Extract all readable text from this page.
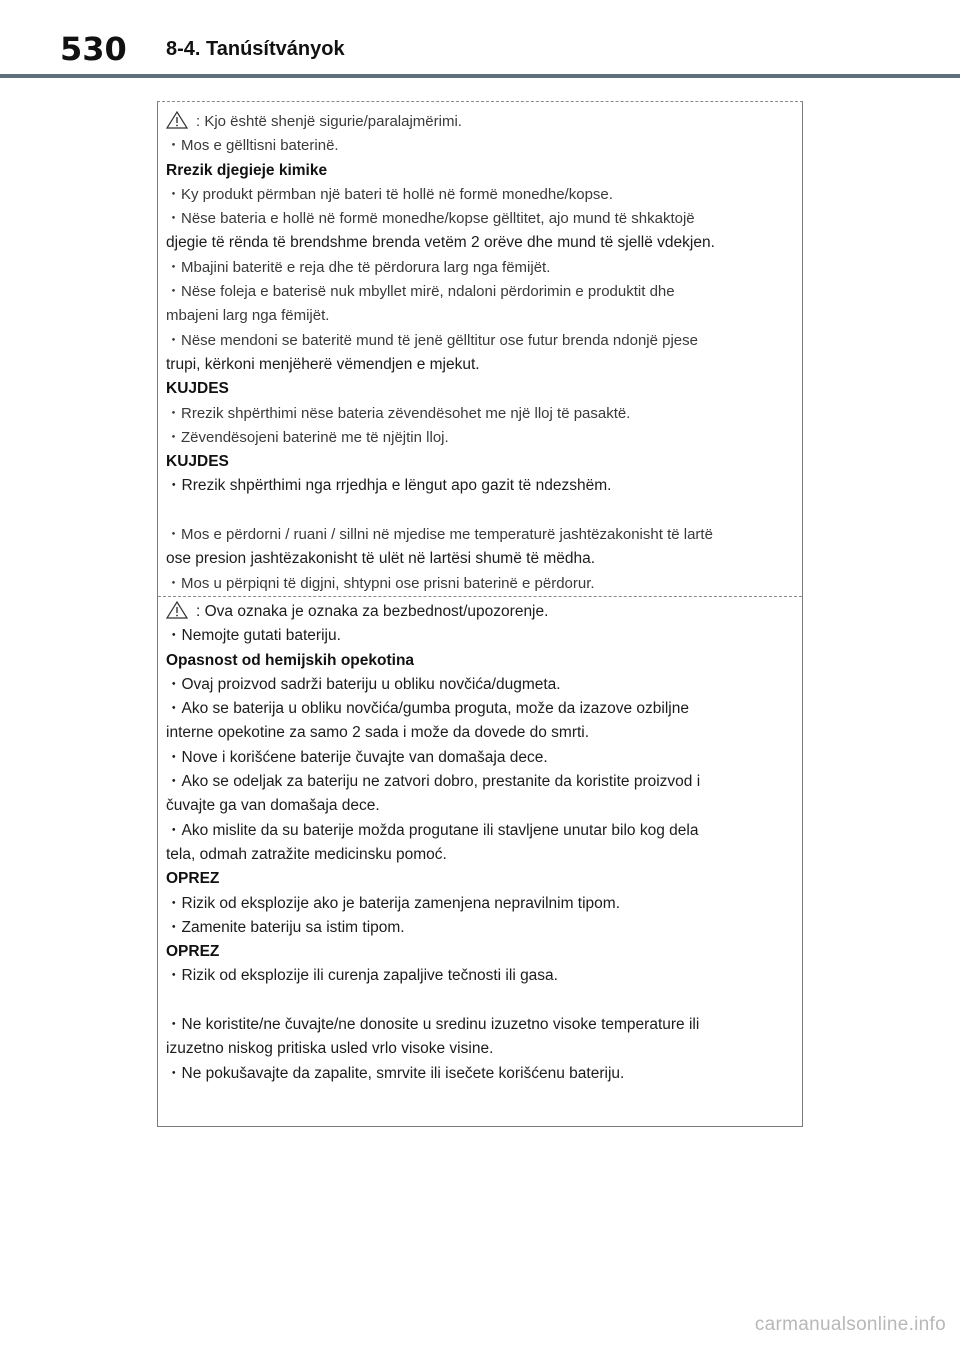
530 8-4. Tanúsítványok
: Kjo është shenjë sigurie/paralajmërimi.
・Mos e gëlltisni baterinë.
Rrezik djegieje kimike
・Ky produkt përmban një bateri të hollë në formë monedhe/kopse.
・Nëse bateria e hollë në formë monedhe/kopse gëlltitet, ajo mund të shkaktojë
djegie të rënda të brendshme brenda vetëm 2 orëve dhe mund të sjellë vdekjen.
・Mbajini bateritë e reja dhe të përdorura larg nga fëmijët.
・Nëse foleja e baterisë nuk mbyllet mirë, ndaloni përdorimin e produktit dhe
mbajeni larg nga fëmijët.
・Nëse mendoni se bateritë mund të jenë gëlltitur ose futur brenda ndonjë pjese
trupi, kërkoni menjëherë vëmendjen e mjekut.
KUJDES
・Rrezik shpërthimi nëse bateria zëvendësohet me një lloj të pasaktë.
・Zëvendësojeni baterinë me të njëjtin lloj.
KUJDES
・Rrezik shpërthimi nga rrjedhja e lëngut apo gazit të ndezshëm.
・Mos e përdorni / ruani / sillni në mjedise me temperaturë jashtëzakonisht të lartë
ose presion jashtëzakonisht të ulët në lartësi shumë të mëdha.
・Mos u përpiqni të digjni, shtypni ose prisni baterinë e përdorur.
: Ova oznaka je oznaka za bezbednost/upozorenje.
・Nemojte gutati bateriju.
Opasnost od hemijskih opekotina
・Ovaj proizvod sadrži bateriju u obliku novčića/dugmeta.
・Ako se baterija u obliku novčića/gumba proguta, može da izazove ozbiljne
interne opekotine za samo 2 sada i može da dovede do smrti.
・Nove i korišćene baterije čuvajte van domašaja dece.
・Ako se odeljak za bateriju ne zatvori dobro, prestanite da koristite proizvod i
čuvajte ga van domašaja dece.
・Ako mislite da su baterije možda progutane ili stavljene unutar bilo kog dela
tela, odmah zatražite medicinsku pomoć.
OPREZ
・Rizik od eksplozije ako je baterija zamenjena nepravilnim tipom.
・Zamenite bateriju sa istim tipom.
OPREZ
・Rizik od eksplozije ili curenja zapaljive tečnosti ili gasa.
・Ne koristite/ne čuvajte/ne donosite u sredinu izuzetno visoke temperature ili
izuzetno niskog pritiska usled vrlo visoke visine.
・Ne pokušavajte da zapalite, smrvite ili isečete korišćenu bateriju.
carmanualsonline.info
